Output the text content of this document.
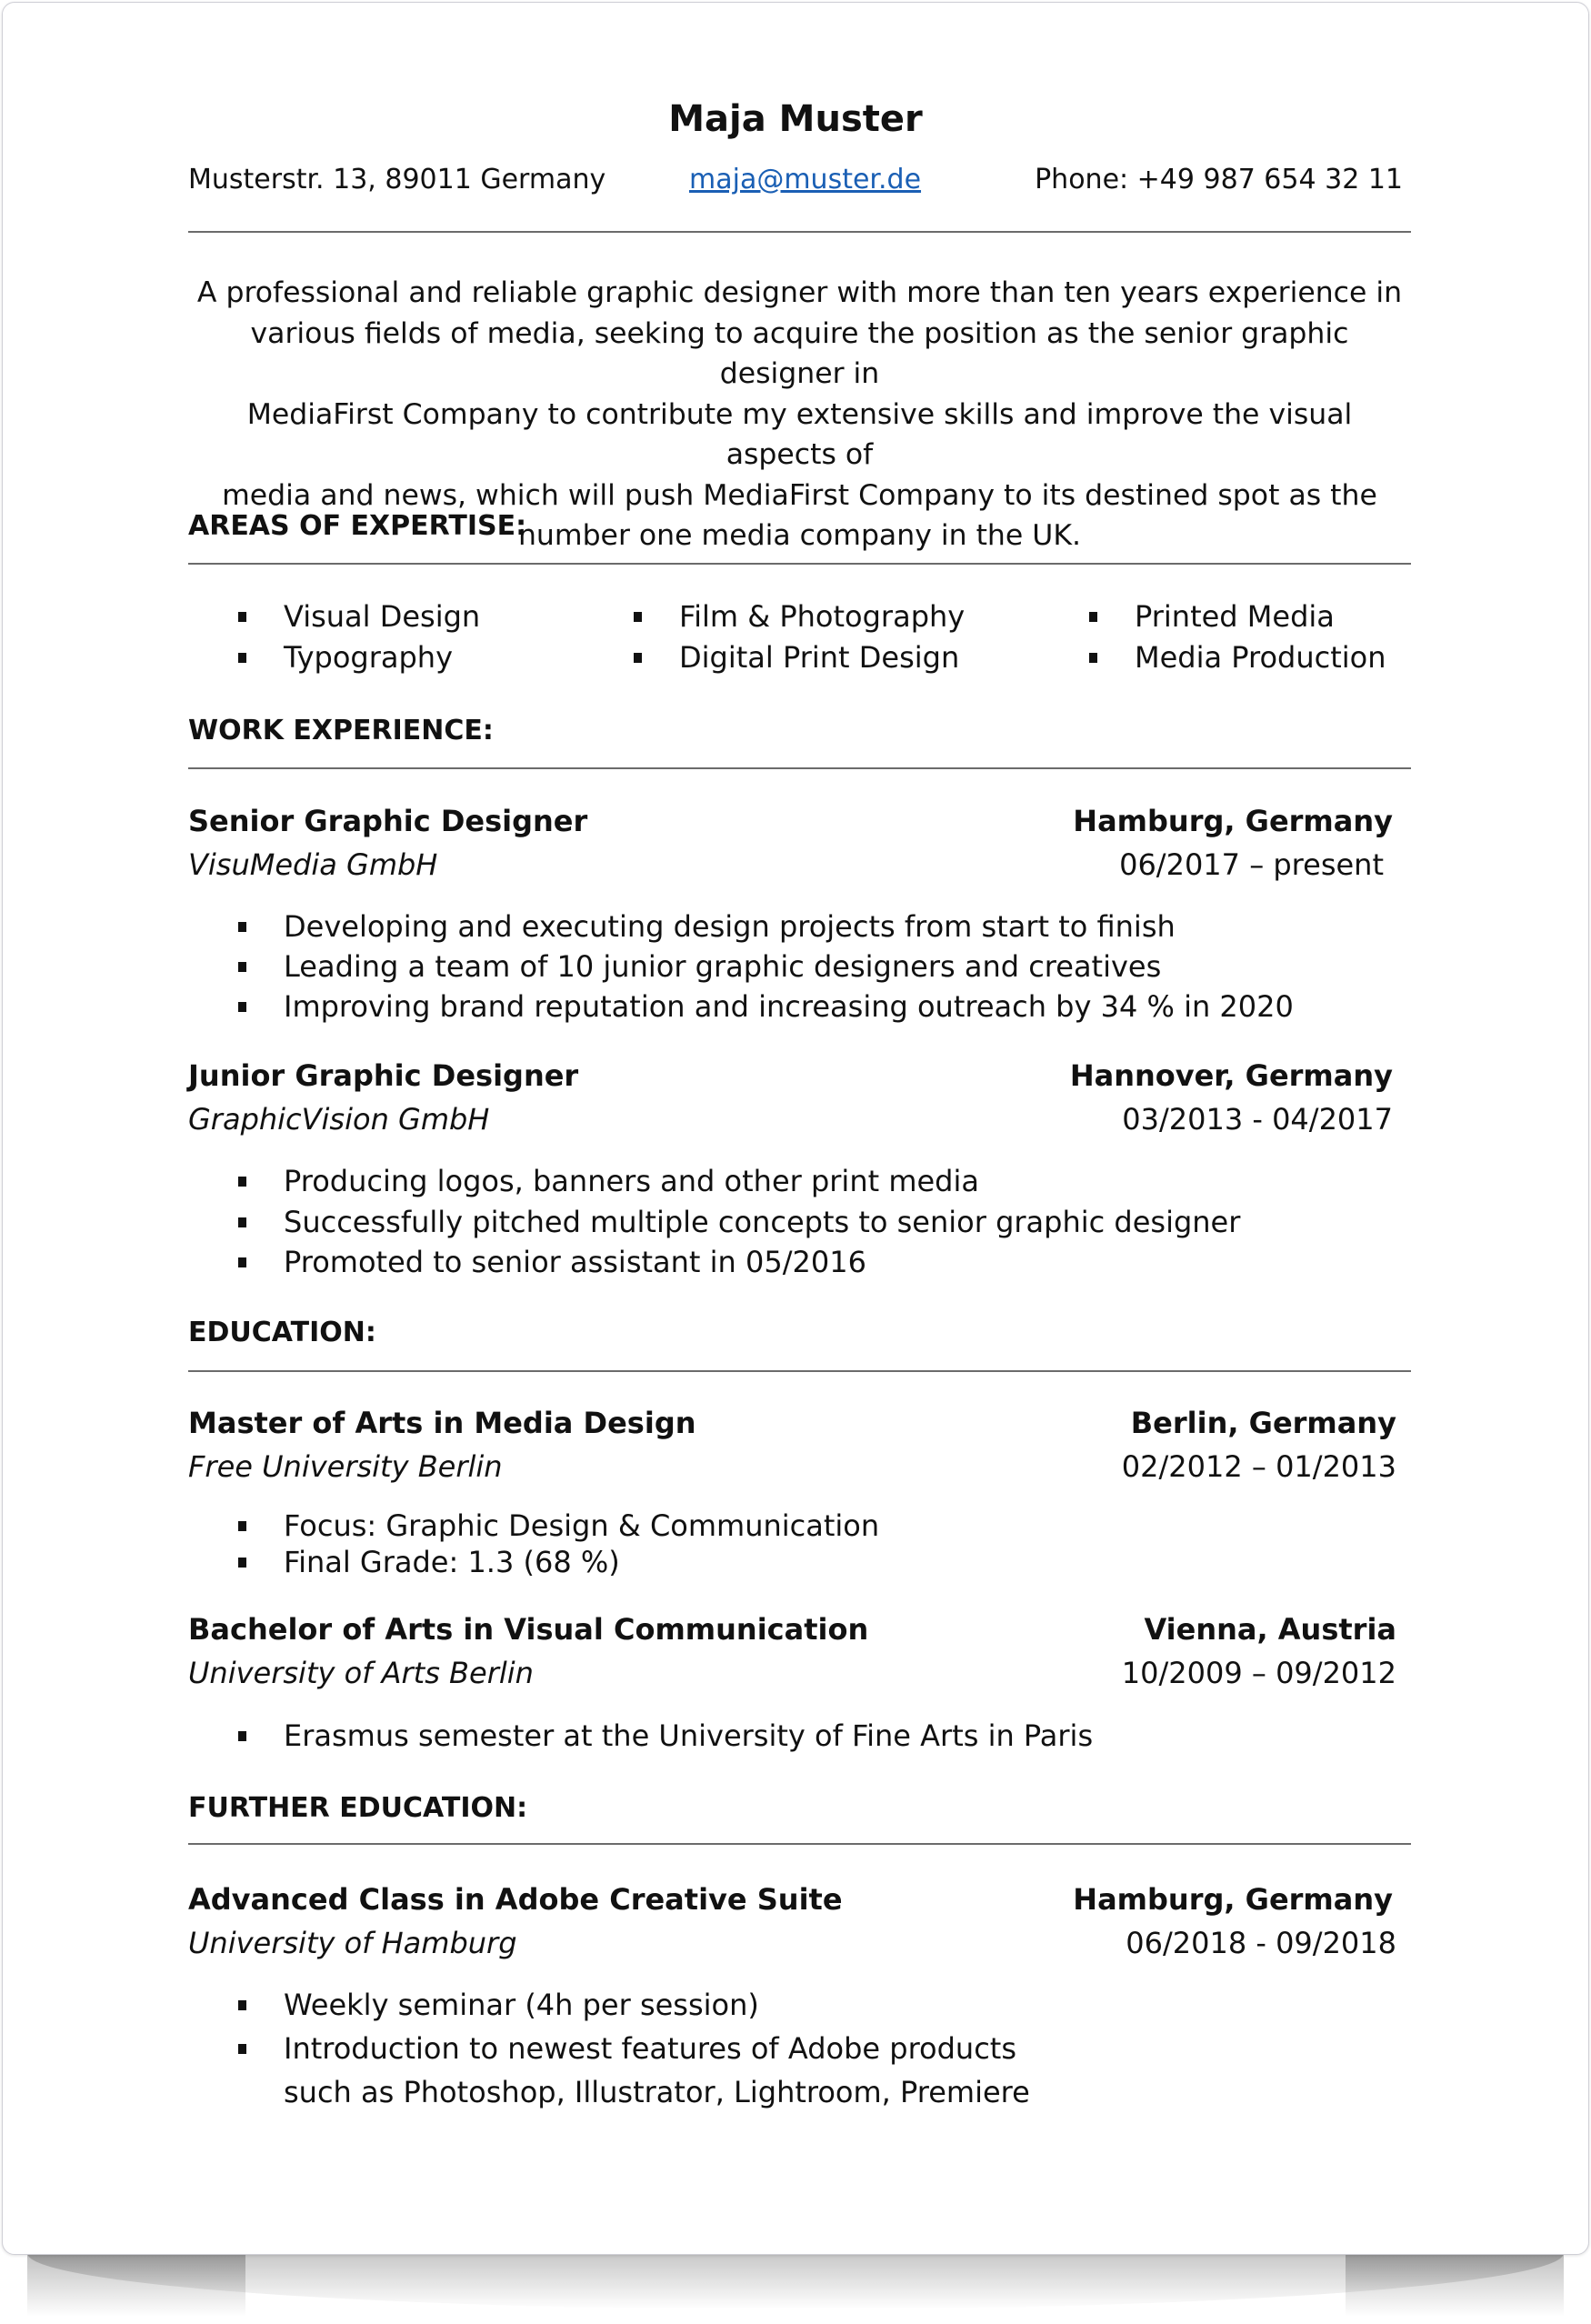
Maja Muster
Musterstr. 13, 89011 Germany	maja@muster.de	Phone: +49 987 654 32 11
A professional and reliable graphic designer with more than ten years experience in
various fields of media, seeking to acquire the position as the senior graphic designer in
MediaFirst Company to contribute my extensive skills and improve the visual aspects of
media and news, which will push MediaFirst Company to its destined spot as the
number one media company in the UK.
AREAS OF EXPERTISE:
Visual Design
Typography
Film & Photography
Digital Print Design
Printed Media
Media Production
WORK EXPERIENCE:
Senior Graphic Designer	Hamburg, Germany
VisuMedia GmbH	06/2017 – present
Developing and executing design projects from start to finish
Leading a team of 10 junior graphic designers and creatives
Improving brand reputation and increasing outreach by 34 % in 2020
Junior Graphic Designer	Hannover, Germany
GraphicVision GmbH	03/2013 - 04/2017
Producing logos, banners and other print media
Successfully pitched multiple concepts to senior graphic designer
Promoted to senior assistant in 05/2016
EDUCATION:
Master of Arts in Media Design	Berlin, Germany
Free University Berlin	02/2012 – 01/2013
Focus: Graphic Design & Communication
Final Grade: 1.3 (68 %)
Bachelor of Arts in Visual Communication	Vienna, Austria
University of Arts Berlin	10/2009 – 09/2012
Erasmus semester at the University of Fine Arts in Paris
FURTHER EDUCATION:
Advanced Class in Adobe Creative Suite	Hamburg, Germany
University of Hamburg	06/2018 - 09/2018
Weekly seminar (4h per session)
Introduction to newest features of Adobe products
such as Photoshop, Illustrator, Lightroom, Premiere
